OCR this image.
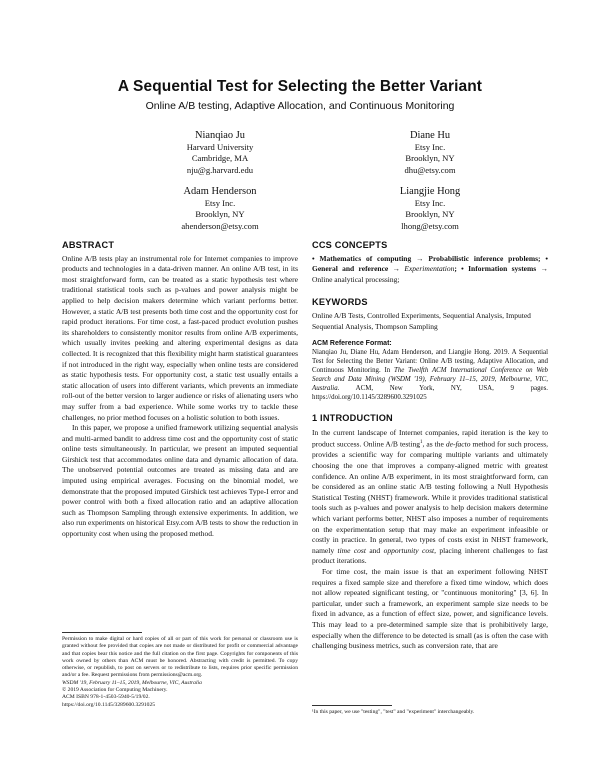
A Sequential Test for Selecting the Better Variant
Online A/B testing, Adaptive Allocation, and Continuous Monitoring
Nianqiao Ju
Harvard University
Cambridge, MA
nju@g.harvard.edu
Diane Hu
Etsy Inc.
Brooklyn, NY
dhu@etsy.com
Adam Henderson
Etsy Inc.
Brooklyn, NY
ahenderson@etsy.com
Liangjie Hong
Etsy Inc.
Brooklyn, NY
lhong@etsy.com
ABSTRACT

Online A/B tests play an instrumental role for Internet companies to improve products and technologies in a data-driven manner. An online A/B test, in its most straightforward form, can be treated as a static hypothesis test where traditional statistical tools such as p-values and power analysis might be applied to help decision makers determine which variant performs better. However, a static A/B test presents both time cost and the opportunity cost for rapid product iterations. For time cost, a fast-paced product evolution pushes its shareholders to consistently monitor results from online A/B experiments, which usually invites peeking and altering experimental designs as data collected. It is recognized that this flexibility might harm statistical guarantees if not introduced in the right way, especially when online tests are considered as static hypothesis tests. For opportunity cost, a static test usually entails a static allocation of users into different variants, which prevents an immediate roll-out of the better version to larger audience or risks of alienating users who may suffer from a bad experience. While some works try to tackle these challenges, no prior method focuses on a holistic solution to both issues.

In this paper, we propose a unified framework utilizing sequential analysis and multi-armed bandit to address time cost and the opportunity cost of static online tests simultaneously. In particular, we present an imputed sequential Girshick test that accommodates online data and dynamic allocation of data. The unobserved potential outcomes are treated as missing data and are imputed using empirical averages. Focusing on the binomial model, we demonstrate that the proposed imputed Girshick test achieves Type-I error and power control with both a fixed allocation ratio and an adaptive allocation such as Thompson Sampling through extensive experiments. In addition, we also run experiments on historical Etsy.com A/B tests to show the reduction in opportunity cost when using the proposed method.

Permission to make digital or hard copies of all or part of this work for personal or classroom use is granted without fee provided that copies are not made or distributed for profit or commercial advantage and that copies bear this notice and the full citation on the first page. Copyrights for components of this work owned by others than ACM must be honored. Abstracting with credit is permitted. To copy otherwise, or republish, to post on servers or to redistribute to lists, requires prior specific permission and/or a fee. Request permissions from permissions@acm.org.
WSDM '19, February 11–15, 2019, Melbourne, VIC, Australia
© 2019 Association for Computing Machinery.
ACM ISBN 978-1-4503-5940-5/19/02.
https://doi.org/10.1145/3289600.3291025
CCS CONCEPTS

• Mathematics of computing → Probabilistic inference problems; • General and reference → Experimentation; • Information systems → Online analytical processing;

KEYWORDS

Online A/B Tests, Controlled Experiments, Sequential Analysis, Imputed Sequential Analysis, Thompson Sampling

ACM Reference Format:

Nianqiao Ju, Diane Hu, Adam Henderson, and Liangjie Hong. 2019. A Sequential Test for Selecting the Better Variant: Online A/B testing, Adaptive Allocation, and Continuous Monitoring. In The Twelfth ACM International Conference on Web Search and Data Mining (WSDM '19), February 11–15, 2019, Melbourne, VIC, Australia. ACM, New York, NY, USA, 9 pages. https://doi.org/10.1145/3289600.3291025

1 INTRODUCTION

In the current landscape of Internet companies, rapid iteration is the key to product success. Online A/B testing$^1$, as the de-facto method for such process, provides a scientific way for comparing multiple variants and ultimately choosing the one that improves a company-aligned metric with greatest confidence. An online A/B experiment, in its most straightforward form, can be considered as an online static A/B testing following a Null Hypothesis Statistical Testing (NHST) framework. While it provides traditional statistical tools such as p-values and power analysis to help decision makers determine which variant performs better, NHST also imposes a number of requirements on the experimentation setup that may make an experiment infeasible or costly in practice. In general, two types of costs exist in NHST framework, namely time cost and opportunity cost, placing inherent challenges to fast product iterations.

For time cost, the main issue is that an experiment following NHST requires a fixed sample size and therefore a fixed time window, which does not allow repeated significant testing, or "continuous monitoring" [3, 6]. In particular, under such a framework, an experiment sample size needs to be fixed in advance, as a function of effect size, power, and significance levels. This may lead to a pre-determined sample size that is prohibitively large, especially when the difference to be detected is small (as is often the case with challenging business metrics, such as conversion rate, that are

¹In this paper, we use "testing", "test" and "experiment" interchangeably.
